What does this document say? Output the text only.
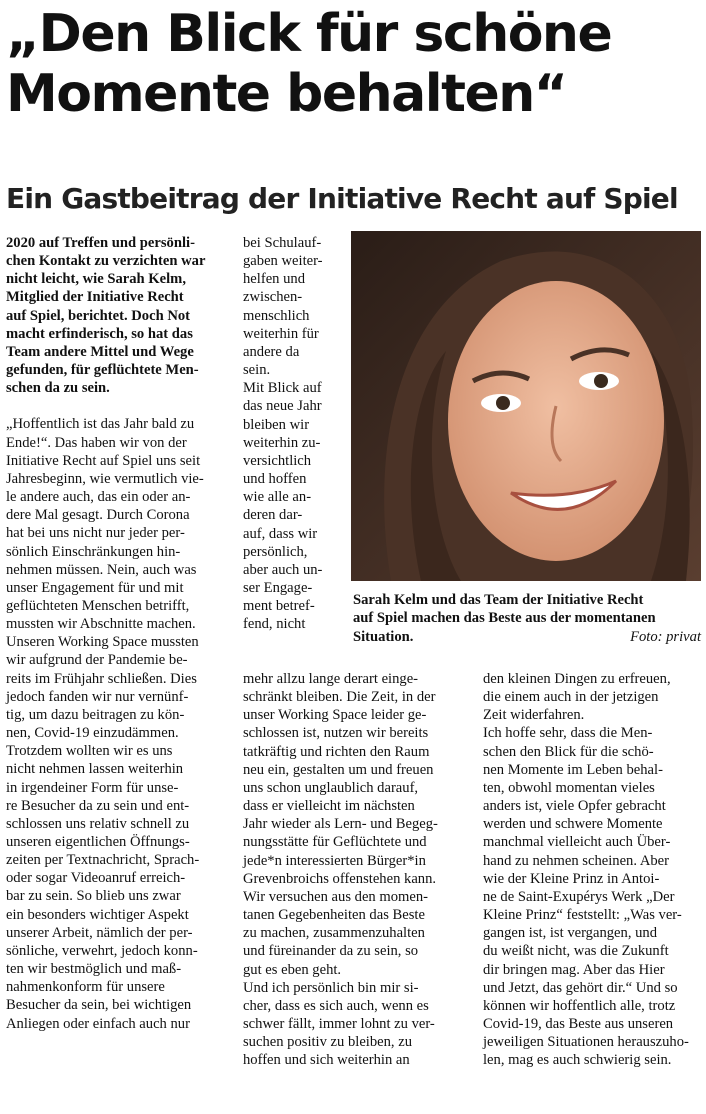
„Den Blick für schöne
Momente behalten“
Ein Gastbeitrag der Initiative Recht auf Spiel

2020 auf Treffen und persönli-
chen Kontakt zu verzichten war
nicht leicht, wie Sarah Kelm,
Mitglied der Initiative Recht
auf Spiel, berichtet. Doch Not
macht erfinderisch, so hat das
Team andere Mittel und Wege
gefunden, für geflüchtete Men-
schen da zu sein.

„Hoffentlich ist das Jahr bald zu
Ende!“. Das haben wir von der
Initiative Recht auf Spiel uns seit
Jahresbeginn, wie vermutlich vie-
le andere auch, das ein oder an-
dere Mal gesagt. Durch Corona
hat bei uns nicht nur jeder per-
sönlich Einschränkungen hin-
nehmen müssen. Nein, auch was
unser Engagement für und mit
geflüchteten Menschen betrifft,
mussten wir Abschnitte machen.
Unseren Working Space mussten
wir aufgrund der Pandemie be-
reits im Frühjahr schließen. Dies
jedoch fanden wir nur vernünf-
tig, um dazu beitragen zu kön-
nen, Covid-19 einzudämmen.
Trotzdem wollten wir es uns
nicht nehmen lassen weiterhin
in irgendeiner Form für unse-
re Besucher da zu sein und ent-
schlossen uns relativ schnell zu
unseren eigentlichen Öffnungs-
zeiten per Textnachricht, Sprach-
oder sogar Videoanruf erreich-
bar zu sein. So blieb uns zwar
ein besonders wichtiger Aspekt
unserer Arbeit, nämlich der per-
sönliche, verwehrt, jedoch konn-
ten wir bestmöglich und maß-
nahmenkonform für unsere
Besucher da sein, bei wichtigen
Anliegen oder einfach auch nur

bei Schulauf-
gaben weiter-
helfen und
zwischen-
menschlich
weiterhin für
andere da
sein.
Mit Blick auf
das neue Jahr
bleiben wir
weiterhin zu-
versichtlich
und hoffen
wie alle an-
deren dar-
auf, dass wir
persönlich,
aber auch un-
ser Engage-
ment betref-
fend, nicht

mehr allzu lange derart einge-
schränkt bleiben. Die Zeit, in der
unser Working Space leider ge-
schlossen ist, nutzen wir bereits
tatkräftig und richten den Raum
neu ein, gestalten um und freuen
uns schon unglaublich darauf,
dass er vielleicht im nächsten
Jahr wieder als Lern- und Begeg-
nungsstätte für Geflüchtete und
jede*n interessierten Bürger*in
Grevenbroichs offenstehen kann.
Wir versuchen aus den momen-
tanen Gegebenheiten das Beste
zu machen, zusammenzuhalten
und füreinander da zu sein, so
gut es eben geht.
Und ich persönlich bin mir si-
cher, dass es sich auch, wenn es
schwer fällt, immer lohnt zu ver-
suchen positiv zu bleiben, zu
hoffen und sich weiterhin an

den kleinen Dingen zu erfreuen,
die einem auch in der jetzigen
Zeit widerfahren.
Ich hoffe sehr, dass die Men-
schen den Blick für die schö-
nen Momente im Leben behal-
ten, obwohl momentan vieles
anders ist, viele Opfer gebracht
werden und schwere Momente
manchmal vielleicht auch Über-
hand zu nehmen scheinen. Aber
wie der Kleine Prinz in Antoi-
ne de Saint-Exupérys Werk „Der
Kleine Prinz“ feststellt: „Was ver-
gangen ist, ist vergangen, und
du weißt nicht, was die Zukunft
dir bringen mag. Aber das Hier
und Jetzt, das gehört dir.“ Und so
können wir hoffentlich alle, trotz
Covid-19, das Beste aus unseren
jeweiligen Situationen herauszuho-
len, mag es auch schwierig sein.

Sarah Kelm und das Team der Initiative Recht
auf Spiel machen das Beste aus der momentanen
Situation.	Foto: privat
